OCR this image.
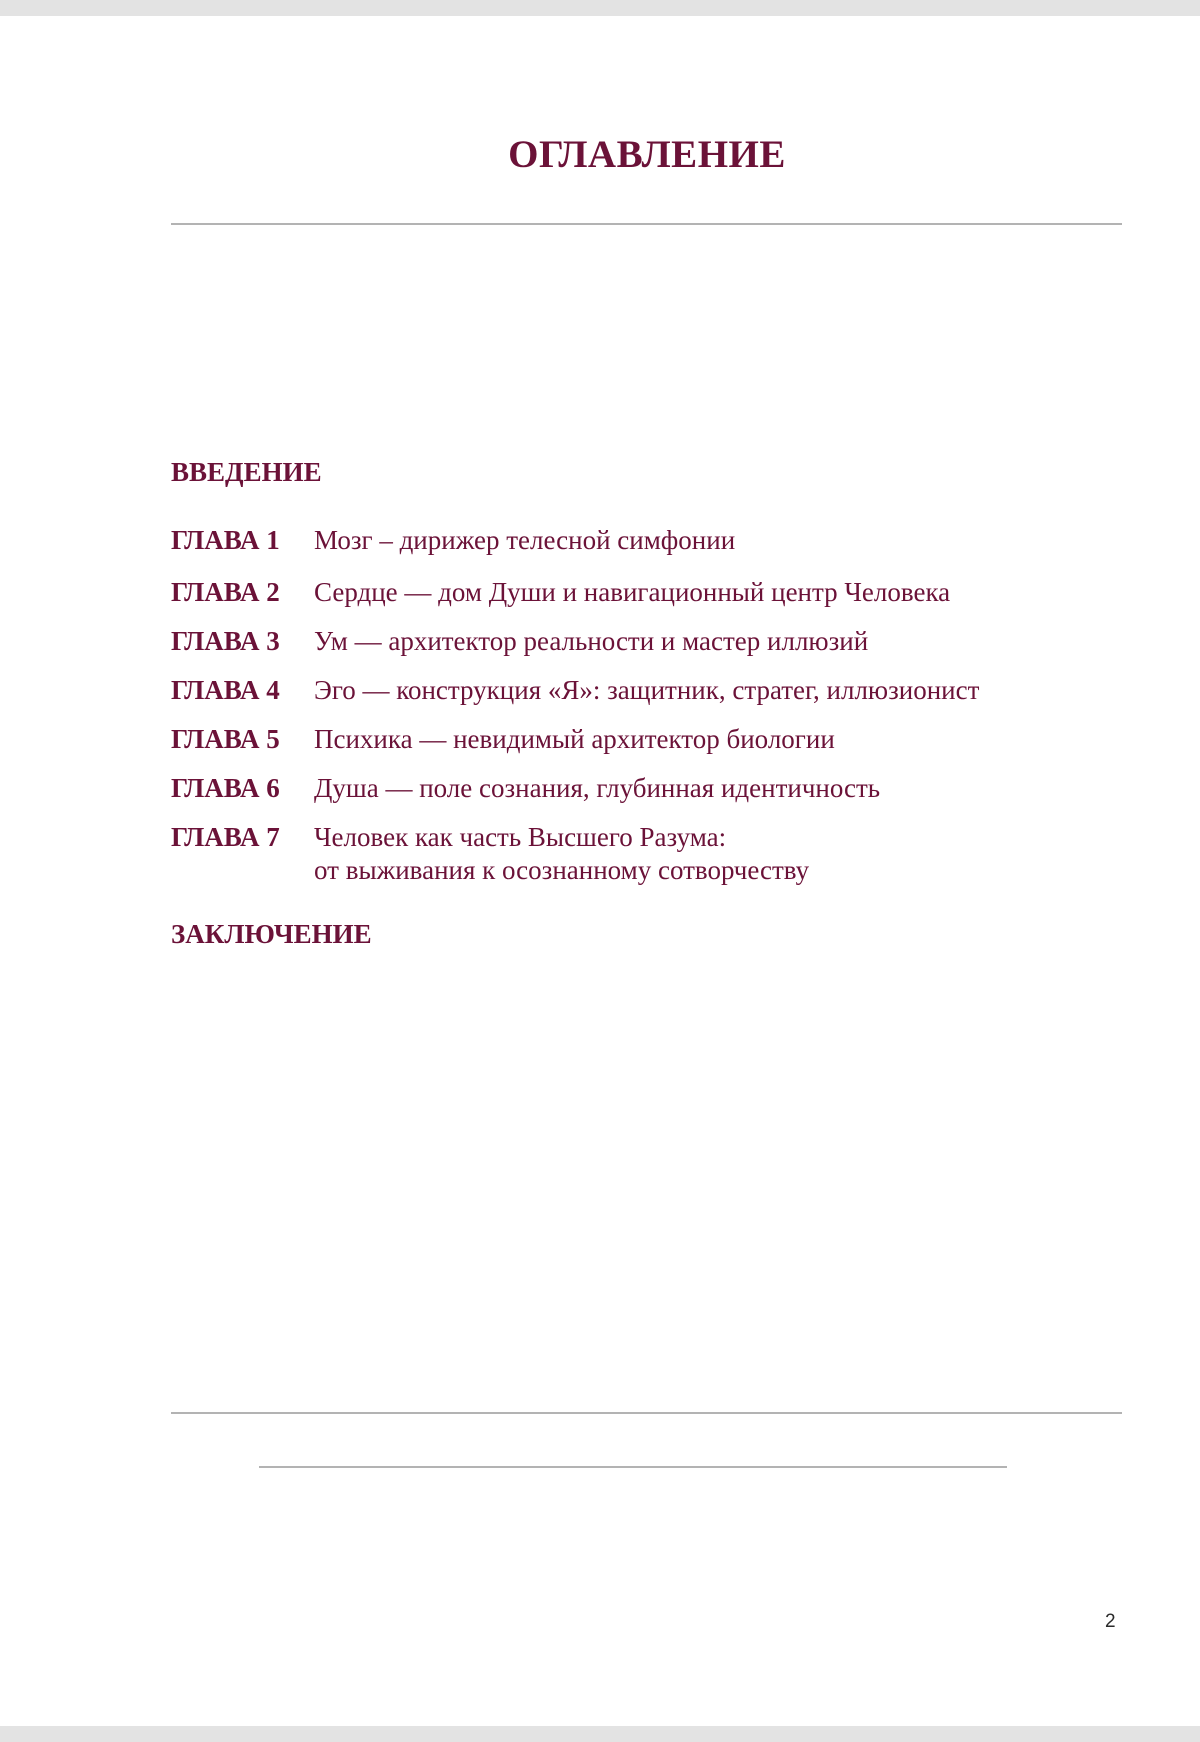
ОГЛАВЛЕНИЕ
ВВЕДЕНИЕ
ГЛАВА 1	Мозг – дирижер телесной симфонии
ГЛАВА 2	Сердце — дом Души и навигационный центр Человека
ГЛАВА 3	Ум — архитектор реальности и мастер иллюзий
ГЛАВА 4	Эго — конструкция «Я»: защитник, стратег, иллюзионист
ГЛАВА 5	Психика — невидимый архитектор биологии
ГЛАВА 6	Душа — поле сознания, глубинная идентичность
ГЛАВА 7	Человек как часть Высшего Разума:
от выживания к осознанному сотворчеству
ЗАКЛЮЧЕНИЕ
2
